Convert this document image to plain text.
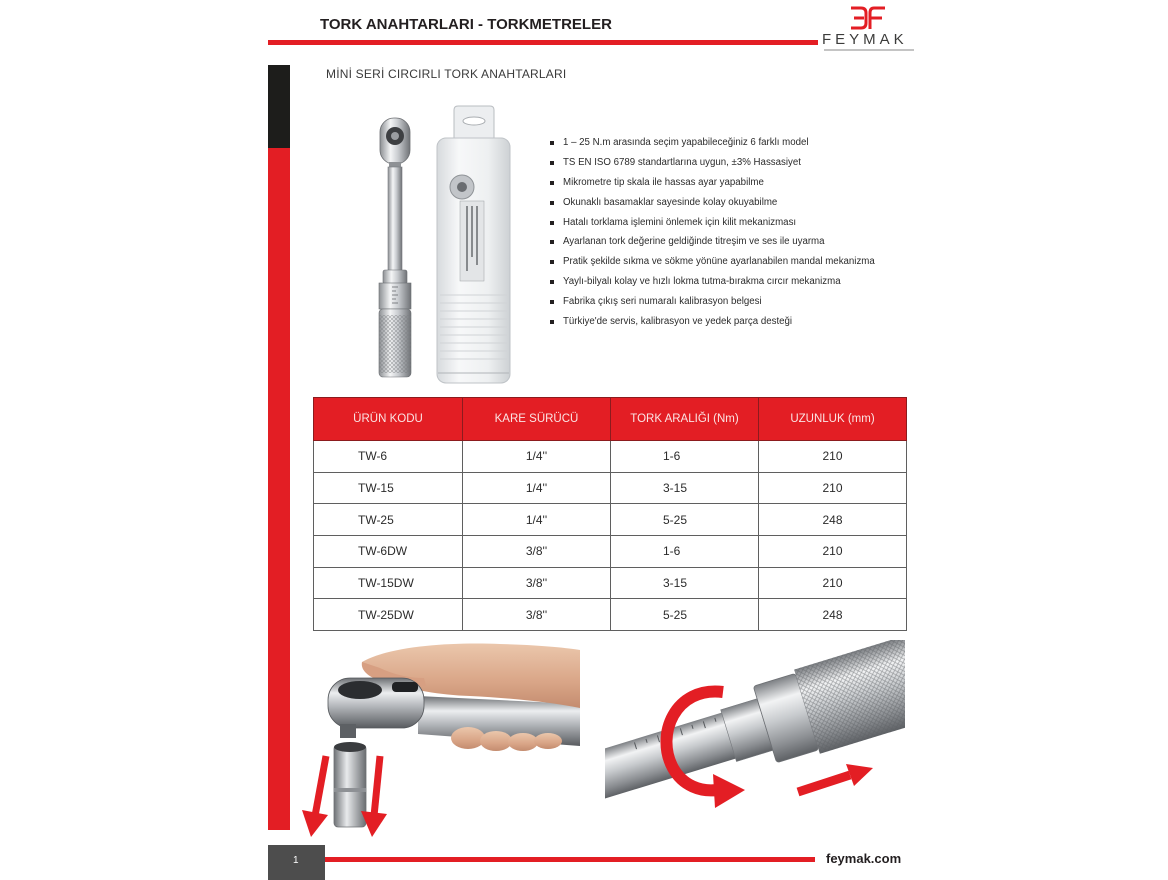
TORK ANAHTARLARI - TORKMETRELER
FEYMAK
MİNİ SERİ CIRCIRLI TORK ANAHTARLARI
1 – 25 N.m arasında seçim yapabileceğiniz 6 farklı model
TS EN ISO 6789 standartlarına uygun, ±3% Hassasiyet
Mikrometre tip skala ile hassas ayar yapabilme
Okunaklı basamaklar sayesinde kolay okuyabilme
Hatalı torklama işlemini önlemek için kilit mekanizması
Ayarlanan tork değerine geldiğinde titreşim ve ses ile uyarma
Pratik şekilde sıkma ve sökme yönüne ayarlanabilen mandal mekanizma
Yaylı-bilyalı kolay ve hızlı lokma tutma-bırakma cırcır mekanizma
Fabrika çıkış seri numaralı kalibrasyon belgesi
Türkiye'de servis, kalibrasyon ve yedek parça desteği
ÜRÜN KODU	KARE SÜRÜCÜ	TORK ARALIĞI (Nm)	UZUNLUK (mm)
TW-6	1/4''	1-6	210
TW-15	1/4''	3-15	210
TW-25	1/4''	5-25	248
TW-6DW	3/8''	1-6	210
TW-15DW	3/8''	3-15	210
TW-25DW	3/8''	5-25	248
1	feymak.com
